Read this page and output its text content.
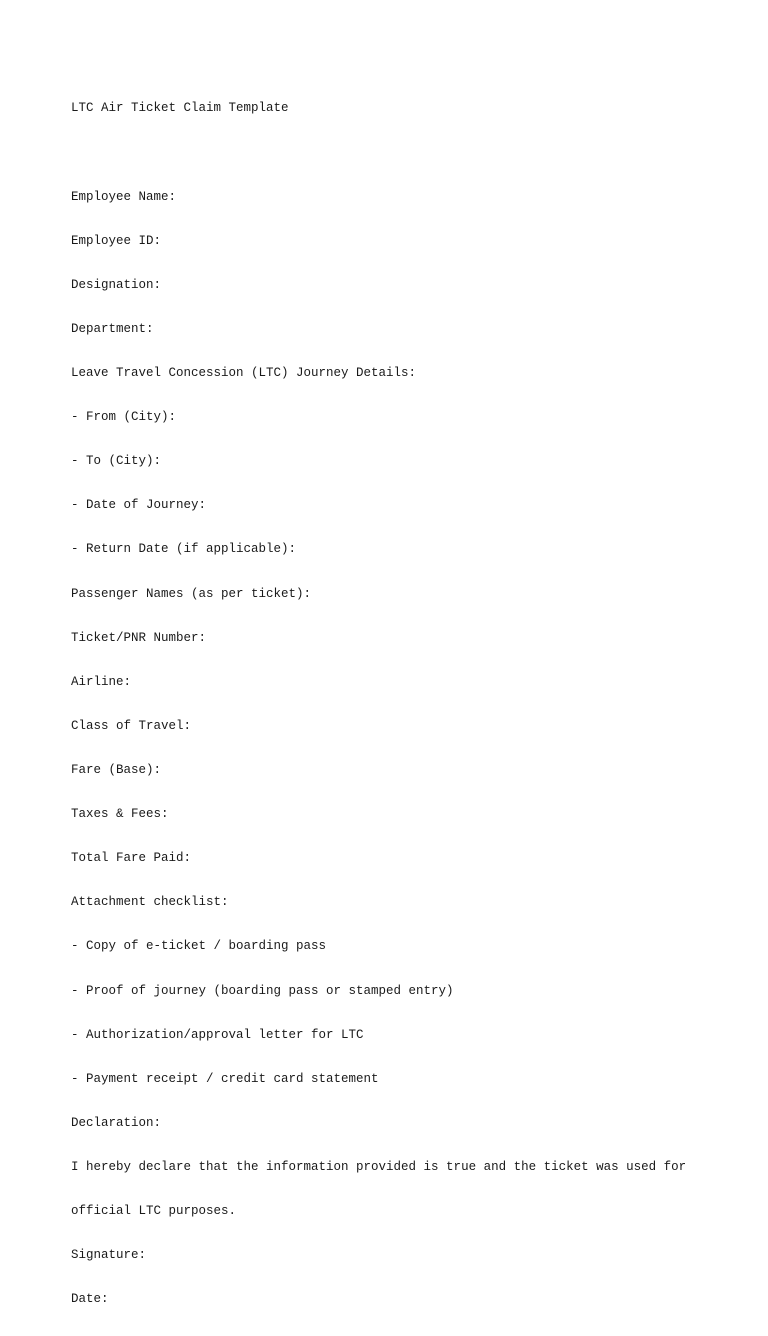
LTC Air Ticket Claim Template

Employee Name:

Employee ID:

Designation:

Department:

Leave Travel Concession (LTC) Journey Details:

- From (City):

- To (City):

- Date of Journey:

- Return Date (if applicable):

Passenger Names (as per ticket):

Ticket/PNR Number:

Airline:

Class of Travel:

Fare (Base):

Taxes & Fees:

Total Fare Paid:

Attachment checklist:

- Copy of e-ticket / boarding pass

- Proof of journey (boarding pass or stamped entry)

- Authorization/approval letter for LTC

- Payment receipt / credit card statement

Declaration:

I hereby declare that the information provided is true and the ticket was used for

official LTC purposes.

Signature:

Date:
